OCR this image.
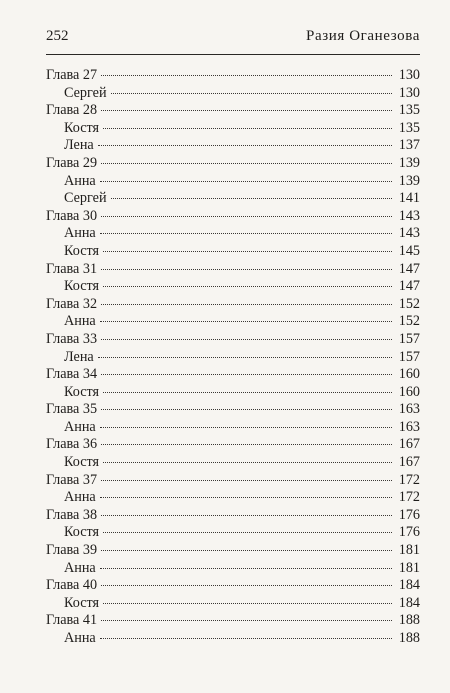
252	Разия Оганезова
Глава 27	130
Сергей	130
Глава 28	135
Костя	135
Лена	137
Глава 29	139
Анна	139
Сергей	141
Глава 30	143
Анна	143
Костя	145
Глава 31	147
Костя	147
Глава 32	152
Анна	152
Глава 33	157
Лена	157
Глава 34	160
Костя	160
Глава 35	163
Анна	163
Глава 36	167
Костя	167
Глава 37	172
Анна	172
Глава 38	176
Костя	176
Глава 39	181
Анна	181
Глава 40	184
Костя	184
Глава 41	188
Анна	188
